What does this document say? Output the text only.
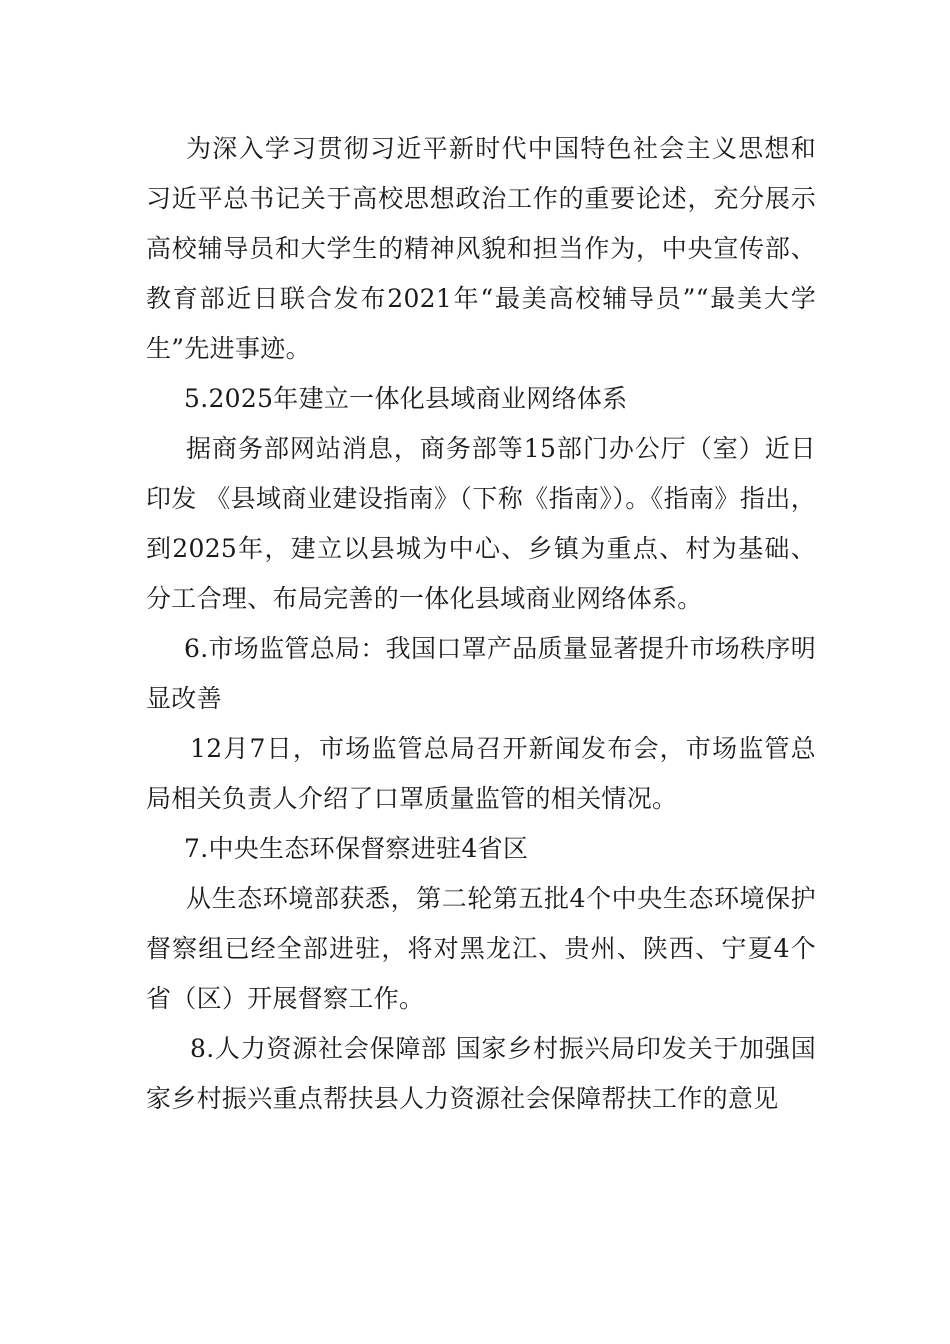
为深入学习贯彻习近平新时代中国特色社会主义思想和习近平总书记关于高校思想政治工作的重要论述，充分展示高校辅导员和大学生的精神风貌和担当作为，中央宣传部、教育部近日联合发布2021年“最美高校辅导员”“最美大学生”先进事迹。

5.2025年建立一体化县域商业网络体系

据商务部网站消息，商务部等15部门办公厅（室）近日印发 《县域商业建设指南》（下称《指南》）。《指南》指出，到2025年，建立以县城为中心、乡镇为重点、村为基础、分工合理、布局完善的一体化县域商业网络体系。

6.市场监管总局：我国口罩产品质量显著提升市场秩序明显改善

12月7日，市场监管总局召开新闻发布会，市场监管总局相关负责人介绍了口罩质量监管的相关情况。

7.中央生态环保督察进驻4省区

从生态环境部获悉，第二轮第五批4个中央生态环境保护督察组已经全部进驻，将对黑龙江、贵州、陕西、宁夏4个省（区）开展督察工作。

8.人力资源社会保障部 国家乡村振兴局印发关于加强国家乡村振兴重点帮扶县人力资源社会保障帮扶工作的意见
